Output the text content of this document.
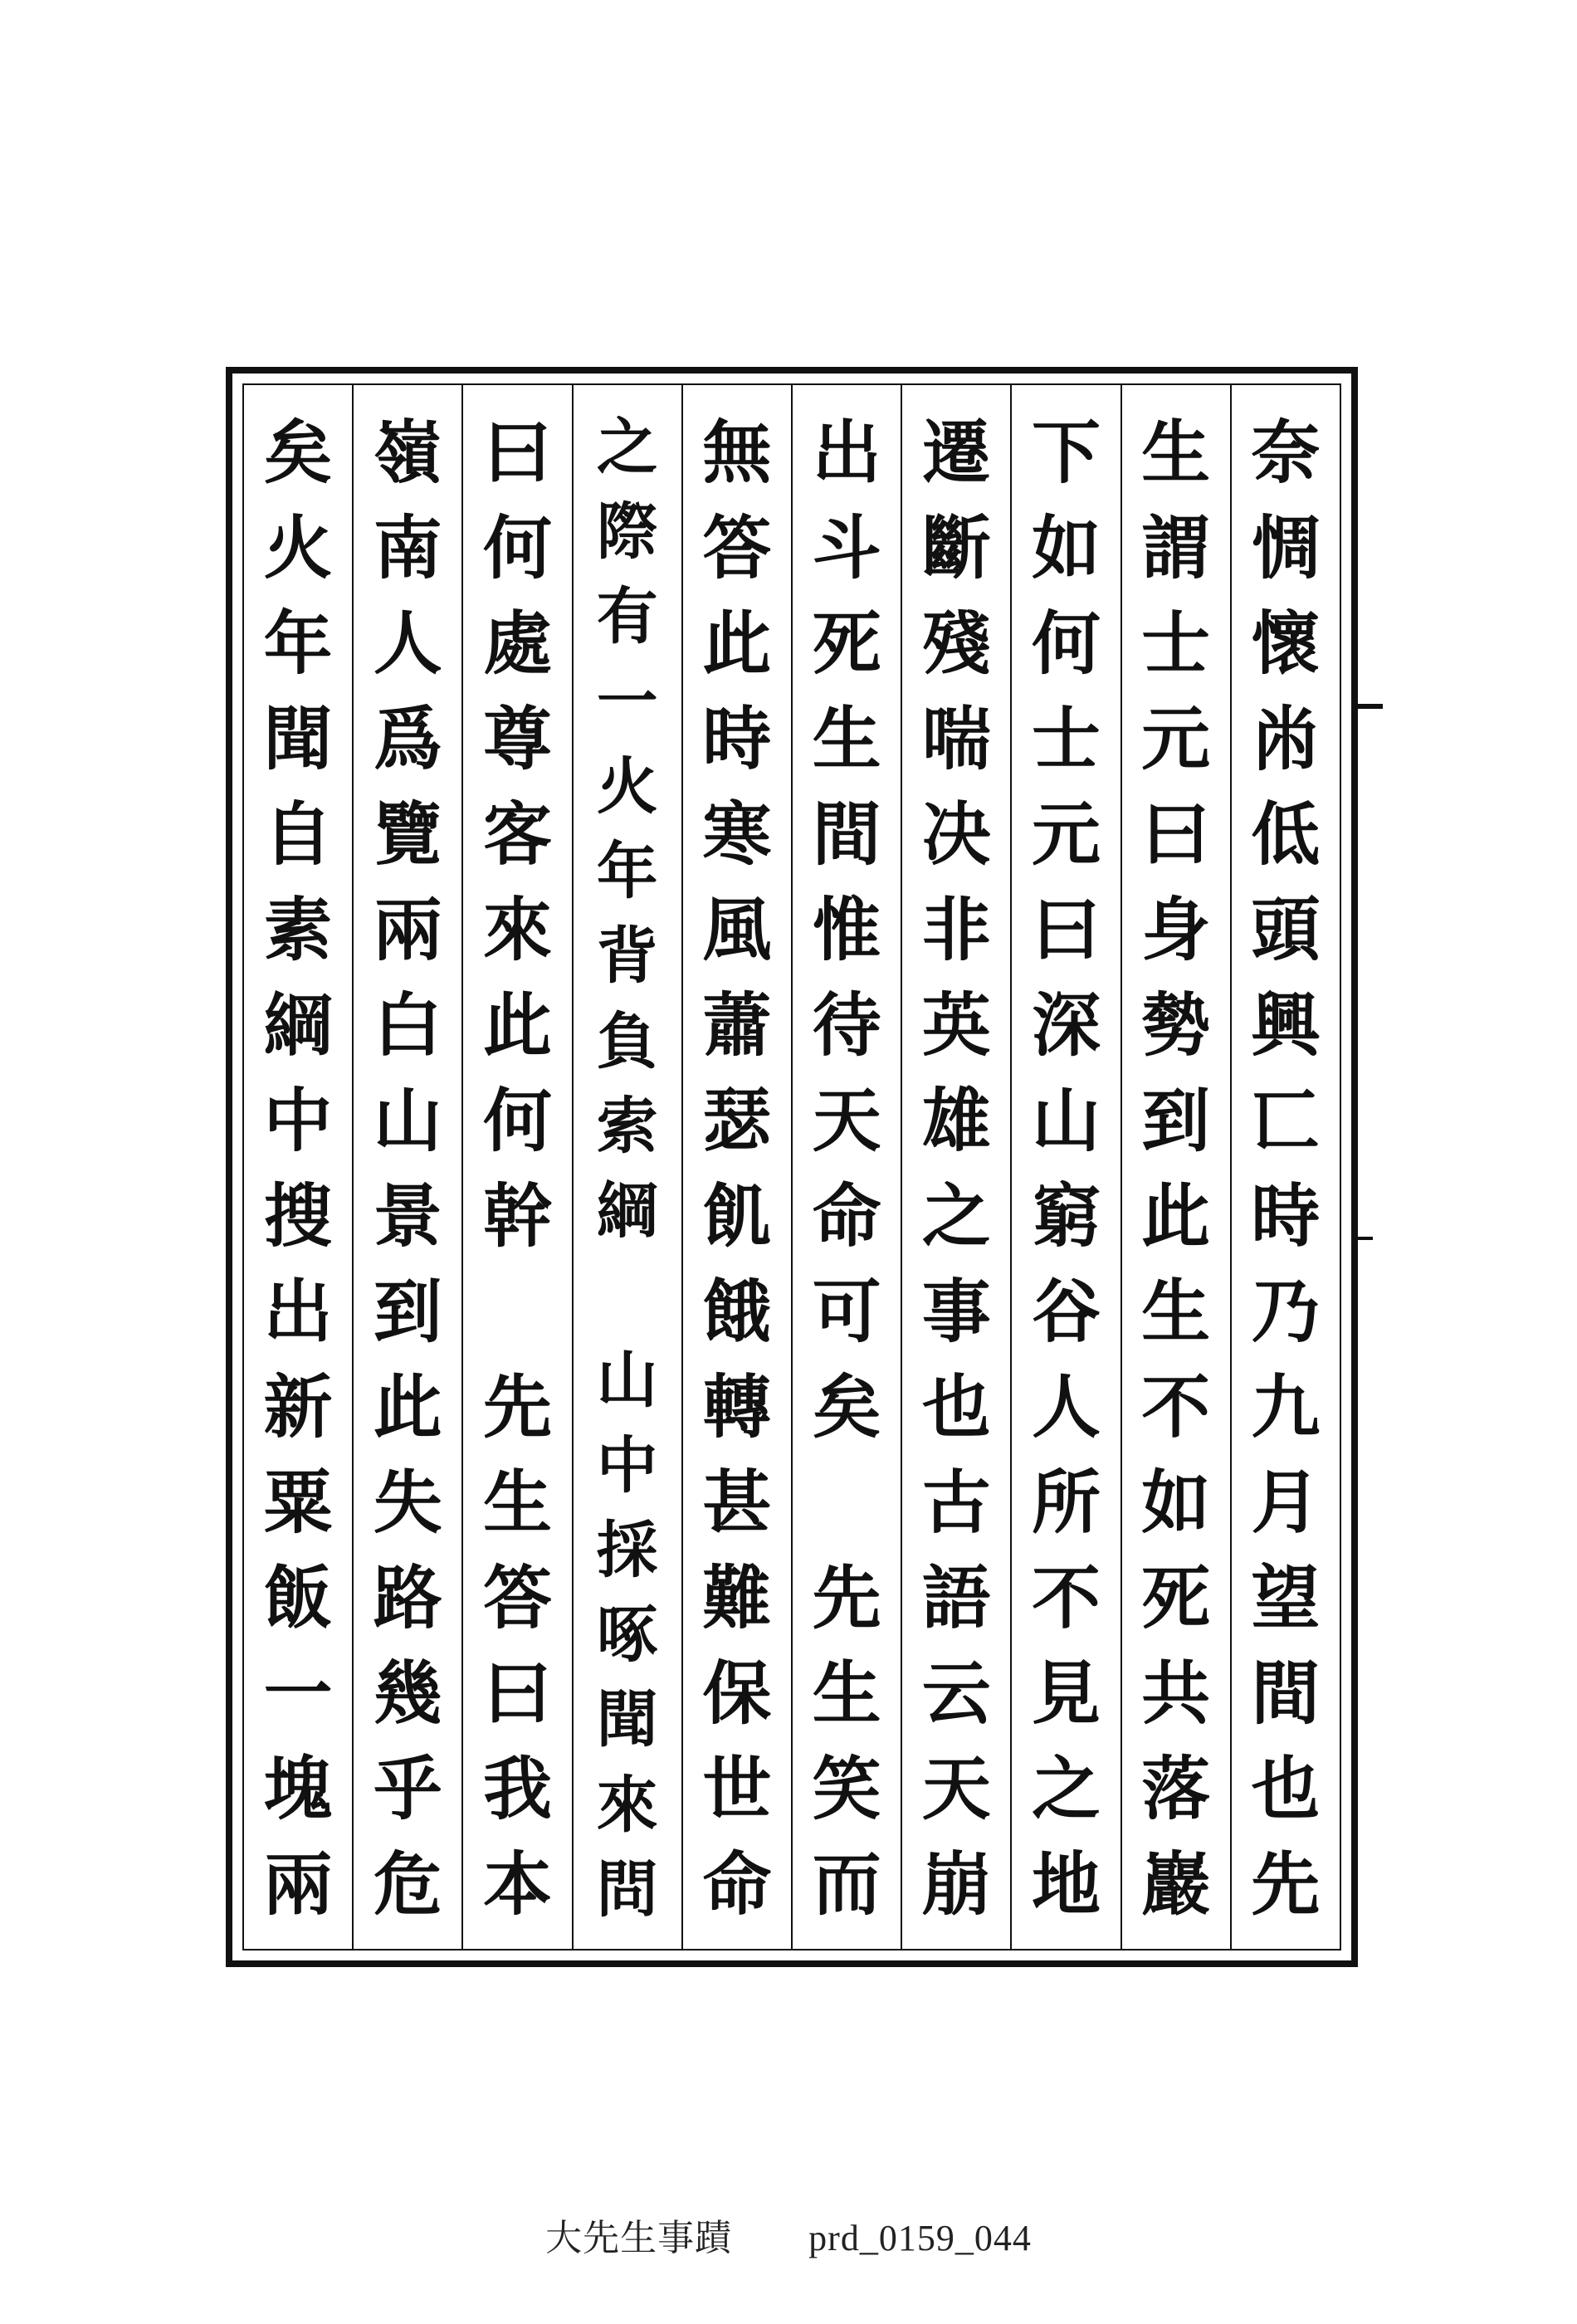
奈
惆
懷
㡀
低
頭
興
匸
時
乃
九
月
望
間
也
先
生
謂
士
元
曰
身
勢
到
此
生
不
如
死
共
落
巖
下
如
何
士
元
曰
深
山
窮
谷
人
所
不
見
之
地
遷
斷
殘
喘
决
非
英
雄
之
事
也
古
語
云
天
崩
出
斗
死
生
間
惟
待
天
命
可
矣
先
生
笑
而
無
答
此
時
寒
風
蕭
瑟
飢
餓
轉
甚
難
保
世
命
之
際
有
一
火
年
背
負
索
綱
山
中
採
啄
聞
來
問
曰
何
處
尊
客
來
此
何
幹
先
生
答
曰
我
本
嶺
南
人
爲
覽
兩
白
山
景
到
此
失
路
幾
乎
危
矣
火
年
聞
自
素
綱
中
搜
出
新
粟
飯
一
塊
兩
大先生事蹟 prd_0159_044
